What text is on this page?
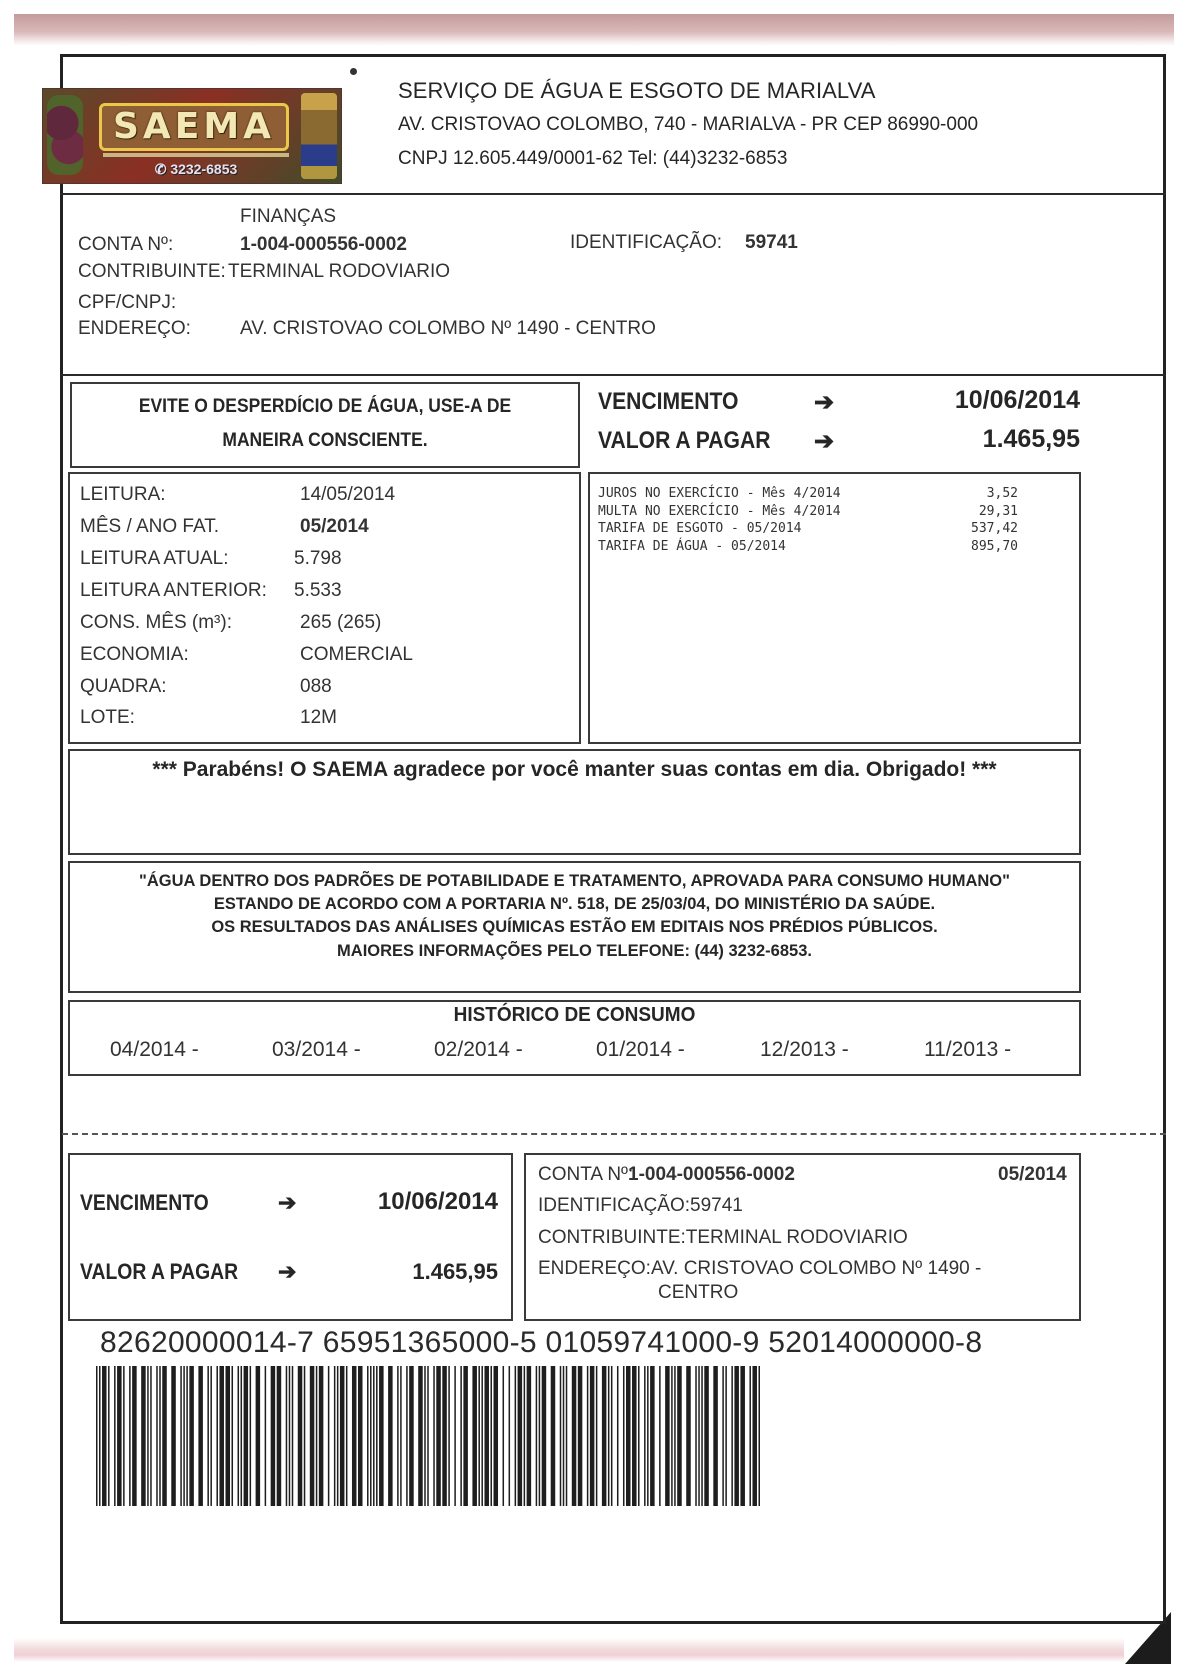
SAEMA
✆ 3232-6853
SERVIÇO DE ÁGUA E ESGOTO DE MARIALVA
AV. CRISTOVAO COLOMBO, 740 - MARIALVA - PR CEP 86990-000
CNPJ 12.605.449/0001-62 Tel: (44)3232-6853
FINANÇAS
CONTA Nº:	1-004-000556-0002	IDENTIFICAÇÃO: 59741
CONTRIBUINTE: TERMINAL RODOVIARIO
CPF/CNPJ:
ENDEREÇO:	AV. CRISTOVAO COLOMBO Nº 1490 - CENTRO
EVITE O DESPERDÍCIO DE ÁGUA, USE-A DE
MANEIRA CONSCIENTE.
VENCIMENTO	➔	10/06/2014
VALOR A PAGAR ➔	1.465,95
LEITURA:	14/05/2014
MÊS / ANO FAT.	05/2014
LEITURA ATUAL:	5.798
LEITURA ANTERIOR: 5.533
CONS. MÊS (m³):	265 (265)
ECONOMIA:	COMERCIAL
QUADRA:	088
LOTE:	12M
JUROS NO EXERCÍCIO - Mês 4/2014	3,52
MULTA NO EXERCÍCIO - Mês 4/2014	29,31
TARIFA DE ESGOTO - 05/2014	537,42
TARIFA DE ÁGUA - 05/2014	895,70
*** Parabéns! O SAEMA agradece por você manter suas contas em dia. Obrigado! ***
"ÁGUA DENTRO DOS PADRÕES DE POTABILIDADE E TRATAMENTO, APROVADA PARA CONSUMO HUMANO"
ESTANDO DE ACORDO COM A PORTARIA Nº. 518, DE 25/03/04, DO MINISTÉRIO DA SAÚDE.
OS RESULTADOS DAS ANÁLISES QUÍMICAS ESTÃO EM EDITAIS NOS PRÉDIOS PÚBLICOS.
MAIORES INFORMAÇÕES PELO TELEFONE: (44) 3232-6853.
HISTÓRICO DE CONSUMO
04/2014 -	03/2014 -	02/2014 -	01/2014 -	12/2013 -	11/2013 -
VENCIMENTO	➔	10/06/2014
VALOR A PAGAR ➔	1.465,95
CONTA Nº:
1-004-000556-0002	05/2014
IDENTIFICAÇÃO:59741
CONTRIBUINTE:TERMINAL RODOVIARIO
ENDEREÇO:AV. CRISTOVAO COLOMBO Nº 1490 -
CENTRO
82620000014-7 65951365000-5 01059741000-9 52014000000-8
